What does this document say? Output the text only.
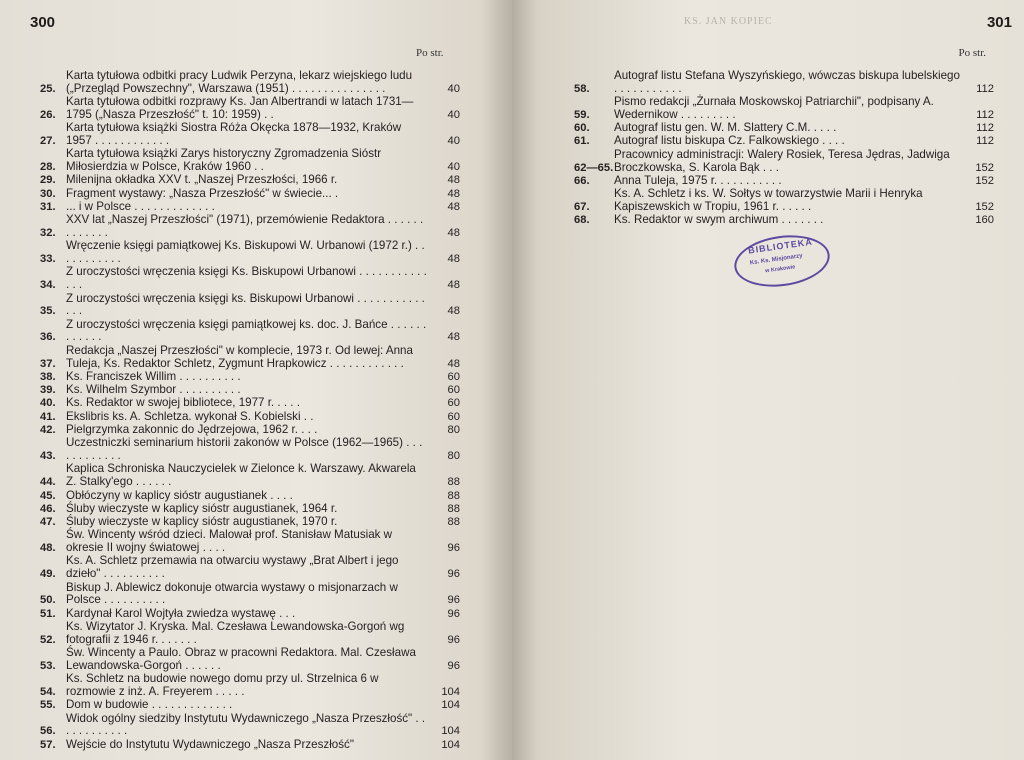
300
Po str.
25.
Karta tytułowa odbitki pracy Ludwik Perzyna, lekarz wiejskiego ludu („Przegląd Powszechny", Warszawa (1951) . . . . . . . . . . . . . . .	40
26.
Karta tytułowa odbitki rozprawy Ks. Jan Albertrandi w latach 1731—1795 („Nasza Przeszłość" t. 10: 1959) . .	40
27.
Karta tytułowa książki Siostra Róża Okęcka 1878—1932, Kraków 1957 . . . . . . . . . . . .	40
28.
Karta tytułowa książki Zarys historyczny Zgromadzenia Sióstr Miłosierdzia w Polsce, Kraków 1960 . .	40
29. Milenijna okładka XXV t. „Naszej Przeszłości, 1966 r.	48
30. Fragment wystawy: „Nasza Przeszłość" w świecie... .	48
31. ... i w Polsce . . . . . . . . . . . . .	48
32.
XXV lat „Naszej Przeszłości" (1971), przemówienie Redaktora . . . . . . . . . . . . .	48
33.
Wręczenie księgi pamiątkowej Ks. Biskupowi W. Urbanowi (1972 r.) . . . . . . . . . . .	48
34.
Z uroczystości wręczenia księgi Ks. Biskupowi Urbanowi . . . . . . . . . . . . . .	48
35.
Z uroczystości wręczenia księgi ks. Biskupowi Urbanowi . . . . . . . . . . . . . .	48
36.
Z uroczystości wręczenia księgi pamiątkowej ks. doc. J. Bańce . . . . . . . . . . . .	48
37.
Redakcja „Naszej Przeszłości" w komplecie, 1973 r. Od lewej: Anna Tuleja, Ks. Redaktor Schletz, Zygmunt Hrapkowicz . . . . . . . . . . . .	48
38. Ks. Franciszek Willim . . . . . . . . . .	60
39. Ks. Wilhelm Szymbor . . . . . . . . . .	60
40. Ks. Redaktor w swojej bibliotece, 1977 r. . . . .	60
41. Ekslibris ks. A. Schletza. wykonał S. Kobielski . .	60
42. Pielgrzymka zakonnic do Jędrzejowa, 1962 r. . . .	80
43.
Uczestniczki seminarium historii zakonów w Polsce (1962—1965) . . . . . . . . . . . .	80
44.
Kaplica Schroniska Nauczycielek w Zielonce k. Warszawy. Akwarela Z. Stalky'ego . . . . . .	88
45. Obłóczyny w kaplicy sióstr augustianek . . . .	88
46. Śluby wieczyste w kaplicy sióstr augustianek, 1964 r.	88
47. Śluby wieczyste w kaplicy sióstr augustianek, 1970 r.	88
48.
Św. Wincenty wśród dzieci. Malował prof. Stanisław Matusiak w okresie II wojny światowej . . . .	96
49.
Ks. A. Schletz przemawia na otwarciu wystawy „Brat Albert i jego dzieło" . . . . . . . . . .	96
50.
Biskup J. Ablewicz dokonuje otwarcia wystawy o misjonarzach w Polsce . . . . . . . . . .	96
51. Kardynał Karol Wojtyła zwiedza wystawę . . .	96
52.
Ks. Wizytator J. Kryska. Mal. Czesława Lewandowska-Gorgoń wg fotografii z 1946 r. . . . . . .	96
53.
Św. Wincenty a Paulo. Obraz w pracowni Redaktora. Mal. Czesława Lewandowska-Gorgoń . . . . . .	96
54.
Ks. Schletz na budowie nowego domu przy ul. Strzelnica 6 w rozmowie z inż. A. Freyerem . . . . .	104
55. Dom w budowie . . . . . . . . . . . . .	104
56.
Widok ogólny siedziby Instytutu Wydawniczego „Nasza Przeszłość" . . . . . . . . . . . .	104
57. Wejście do Instytutu Wydawniczego „Nasza Przeszłość"	104
KS. JAN KOPIEC	301
Po str.
58.
Autograf listu Stefana Wyszyńskiego, wówczas biskupa lubelskiego . . . . . . . . . . .	112
59.
Pismo redakcji „Żurnała Moskowskoj Patriarchii", podpisany A. Wedernikow . . . . . . . . .	112
60.	Autograf listu gen. W. M. Slattery C.M. . . . .	112
61.	Autograf listu biskupa Cz. Falkowskiego . . . .	112
62—65.
Pracownicy administracji: Walery Rosiek, Teresa Jędras, Jadwiga Broczkowska, S. Karola Bąk . . .	152
66.	Anna Tuleja, 1975 r. . . . . . . . . . .	152
67.
Ks. A. Schletz i ks. W. Sołtys w towarzystwie Marii i Henryka Kapiszewskich w Tropiu, 1961 r. . . . . .	152
68.	Ks. Redaktor w swym archiwum . . . . . . .	160
BIBLIOTEKA
Ks. Ks. Misjonarzy
w Krakowie
